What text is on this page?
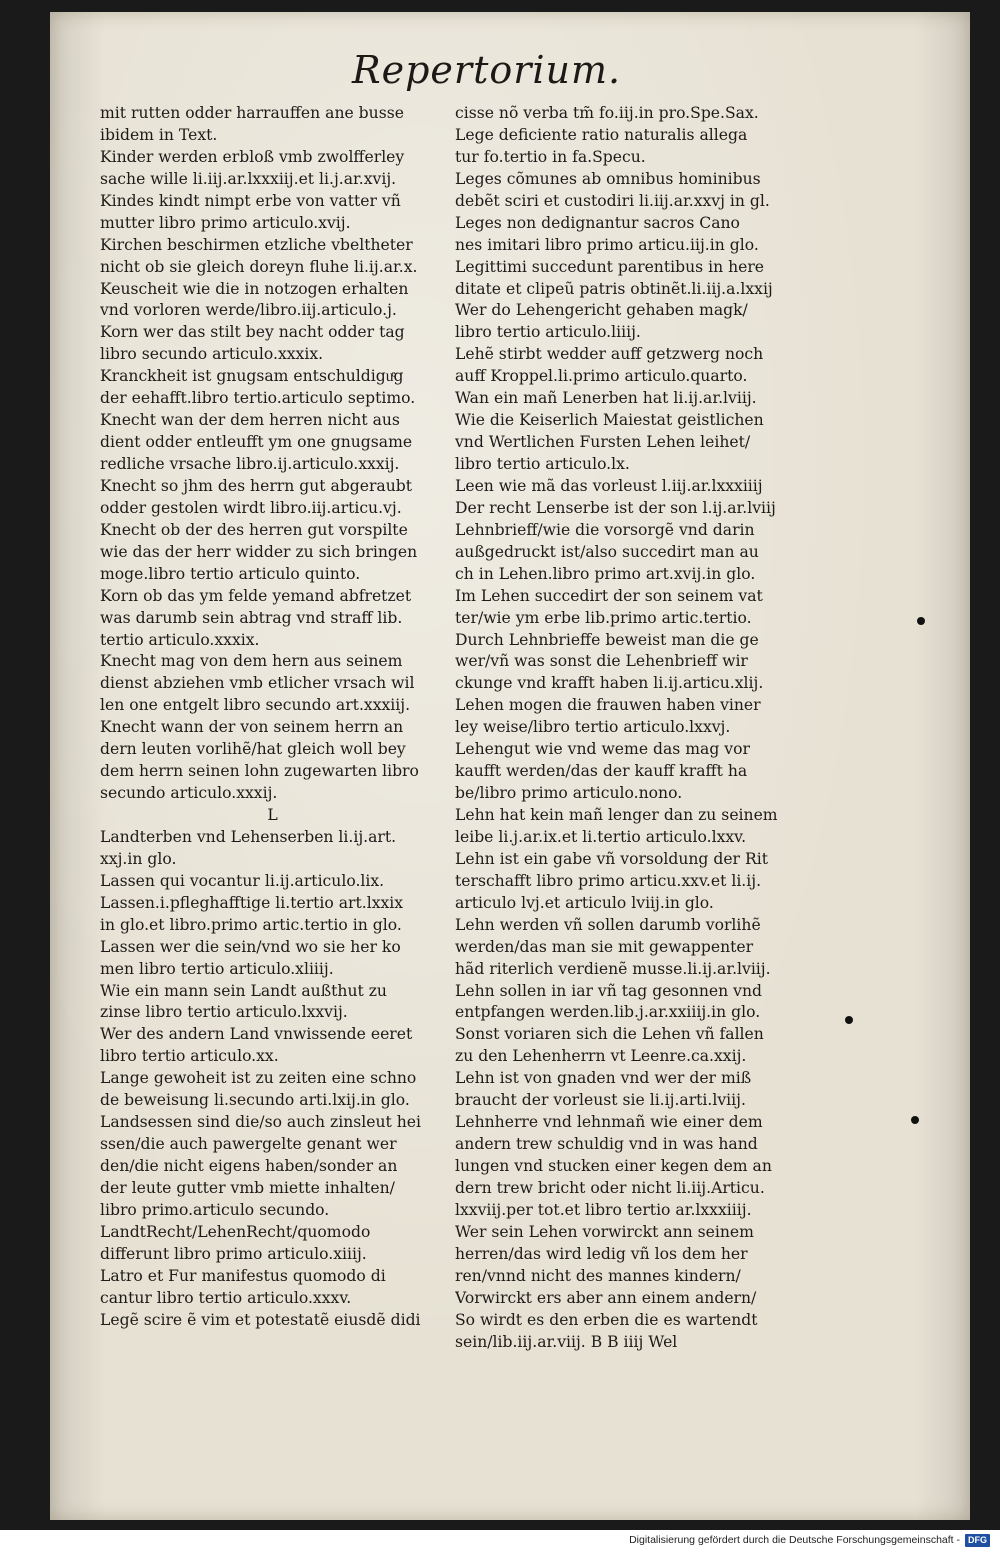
Repertorium.
mit rutten odder harrauffen ane busse
ibidem in Text.
Kinder werden erbloß vmb zwolfferley
sache wille li.iij.ar.lxxxiij.et li.j.ar.xvij.
Kindes kindt nimpt erbe von vatter vñ
mutter libro primo articulo.xvij.
Kirchen beschirmen etzliche vbeltheter
nicht ob sie gleich doreyn fluhe li.ij.ar.x.
Keuscheit wie die in notzogen erhalten
vnd vorloren werde/libro.iij.articulo.j.
Korn wer das stilt bey nacht odder tag
libro secundo articulo.xxxix.
Kranckheit ist gnugsam entschuldiguͤg
der eehafft.libro tertio.articulo septimo.
Knecht wan der dem herren nicht aus
dient odder entleufft ym one gnugsame
redliche vrsache libro.ij.articulo.xxxij.
Knecht so jhm des herrn gut abgeraubt
odder gestolen wirdt libro.iij.articu.vj.
Knecht ob der des herren gut vorspilte
wie das der herr widder zu sich bringen
moge.libro tertio articulo quinto.
Korn ob das ym felde yemand abfretzet
was darumb sein abtrag vnd straff lib.
tertio articulo.xxxix.
Knecht mag von dem hern aus seinem
dienst abziehen vmb etlicher vrsach wil
len one entgelt libro secundo art.xxxiij.
Knecht wann der von seinem herrn an
dern leuten vorlihẽ/hat gleich woll bey
dem herrn seinen lohn zugewarten libro
secundo articulo.xxxij.
L
Landterben vnd Lehenserben li.ij.art.
xxj.in glo.
Lassen qui vocantur li.ij.articulo.lix.
Lassen.i.pfleghafftige li.tertio art.lxxix
in glo.et libro.primo artic.tertio in glo.
Lassen wer die sein/vnd wo sie her ko
men libro tertio articulo.xliiij.
Wie ein mann sein Landt außthut zu
zinse libro tertio articulo.lxxvij.
Wer des andern Land vnwissende eeret
libro tertio articulo.xx.
Lange gewoheit ist zu zeiten eine schno
de beweisung li.secundo arti.lxij.in glo.
Landsessen sind die/so auch zinsleut hei
ssen/die auch pawergelte genant wer
den/die nicht eigens haben/sonder an
der leute gutter vmb miette inhalten/
libro primo.articulo secundo.
LandtRecht/LehenRecht/quomodo
differunt libro primo articulo.xiiij.
Latro et Fur manifestus quomodo di
cantur libro tertio articulo.xxxv.
Legẽ scire ẽ vim et potestatẽ eiusdẽ didi
cisse nõ verba tm̃ fo.iij.in pro.Spe.Sax.
Lege deficiente ratio naturalis allega
tur fo.tertio in fa.Specu.
Leges cõmunes ab omnibus hominibus
debẽt sciri et custodiri li.iij.ar.xxvj in gl.
Leges non dedignantur sacros Cano
nes imitari libro primo articu.iij.in glo.
Legittimi succedunt parentibus in here
ditate et clipeũ patris obtinẽt.li.iij.a.lxxij
Wer do Lehengericht gehaben magk/
libro tertio articulo.liiij.
Lehẽ stirbt wedder auff getzwerg noch
auff Kroppel.li.primo articulo.quarto.
Wan ein mañ Lenerben hat li.ij.ar.lviij.
Wie die Keiserlich Maiestat geistlichen
vnd Wertlichen Fursten Lehen leihet/
libro tertio articulo.lx.
Leen wie mã das vorleust l.iij.ar.lxxxiiij
Der recht Lenserbe ist der son l.ij.ar.lviij
Lehnbrieff/wie die vorsorgẽ vnd darin
außgedruckt ist/also succedirt man au
ch in Lehen.libro primo art.xvij.in glo.
Im Lehen succedirt der son seinem vat
ter/wie ym erbe lib.primo artic.tertio.
Durch Lehnbrieffe beweist man die ge
wer/vñ was sonst die Lehenbrieff wir
ckunge vnd krafft haben li.ij.articu.xlij.
Lehen mogen die frauwen haben viner
ley weise/libro tertio articulo.lxxvj.
Lehengut wie vnd weme das mag vor
kaufft werden/das der kauff krafft ha
be/libro primo articulo.nono.
Lehn hat kein mañ lenger dan zu seinem
leibe li.j.ar.ix.et li.tertio articulo.lxxv.
Lehn ist ein gabe vñ vorsoldung der Rit
terschafft libro primo articu.xxv.et li.ij.
articulo lvj.et articulo lviij.in glo.
Lehn werden vñ sollen darumb vorlihẽ
werden/das man sie mit gewappenter
hãd riterlich verdienẽ musse.li.ij.ar.lviij.
Lehn sollen in iar vñ tag gesonnen vnd
entpfangen werden.lib.j.ar.xxiiij.in glo.
Sonst voriaren sich die Lehen vñ fallen
zu den Lehenherrn vt Leenre.ca.xxij.
Lehn ist von gnaden vnd wer der miß
braucht der vorleust sie li.ij.arti.lviij.
Lehnherre vnd lehnmañ wie einer dem
andern trew schuldig vnd in was hand
lungen vnd stucken einer kegen dem an
dern trew bricht oder nicht li.iij.Articu.
lxxviij.per tot.et libro tertio ar.lxxxiiij.
Wer sein Lehen vorwirckt ann seinem
herren/das wird ledig vñ los dem her
ren/vnnd nicht des mannes kindern/
Vorwirckt ers aber ann einem andern/
So wirdt es den erben die es wartendt
sein/lib.iij.ar.viij. B B iiij Wel
Digitalisierung gefördert durch die Deutsche Forschungsgemeinschaft - DFG
